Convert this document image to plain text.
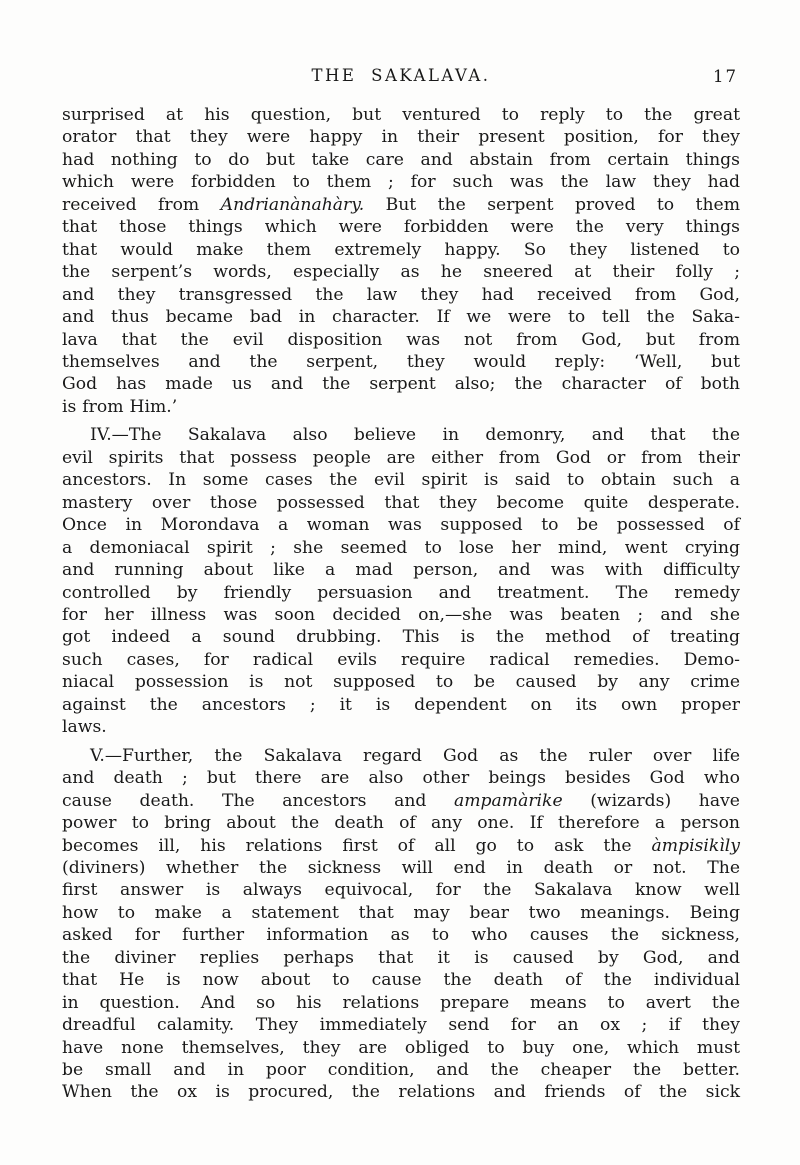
THE SAKALAVA.	17
surprised at his question, but ventured to reply to the great
orator that they were happy in their present position, for they
had nothing to do but take care and abstain from certain things
which were forbidden to them ; for such was the law they had
received from Andrianànahàry. But the serpent proved to them
that those things which were forbidden were the very things
that would make them extremely happy. So they listened to
the serpent’s words, especially as he sneered at their folly ;
and they transgressed the law they had received from God,
and thus became bad in character. If we were to tell the Saka-
lava that the evil disposition was not from God, but from
themselves and the serpent, they would reply: ‘Well, but
God has made us and the serpent also; the character of both
is from Him.’
IV.—The Sakalava also believe in demonry, and that the
evil spirits that possess people are either from God or from their
ancestors. In some cases the evil spirit is said to obtain such a
mastery over those possessed that they become quite desperate.
Once in Morondava a woman was supposed to be possessed of
a demoniacal spirit ; she seemed to lose her mind, went crying
and running about like a mad person, and was with difficulty
controlled by friendly persuasion and treatment. The remedy
for her illness was soon decided on,—she was beaten ; and she
got indeed a sound drubbing. This is the method of treating
such cases, for radical evils require radical remedies. Demo-
niacal possession is not supposed to be caused by any crime
against the ancestors ; it is dependent on its own proper
laws.
V.—Further, the Sakalava regard God as the ruler over life
and death ; but there are also other beings besides God who
cause death. The ancestors and ampamàrike (wizards) have
power to bring about the death of any one. If therefore a person
becomes ill, his relations first of all go to ask the àmpisikìly
(diviners) whether the sickness will end in death or not. The
first answer is always equivocal, for the Sakalava know well
how to make a statement that may bear two meanings. Being
asked for further information as to who causes the sickness,
the diviner replies perhaps that it is caused by God, and
that He is now about to cause the death of the individual
in question. And so his relations prepare means to avert the
dreadful calamity. They immediately send for an ox ; if they
have none themselves, they are obliged to buy one, which must
be small and in poor condition, and the cheaper the better.
When the ox is procured, the relations and friends of the sick
